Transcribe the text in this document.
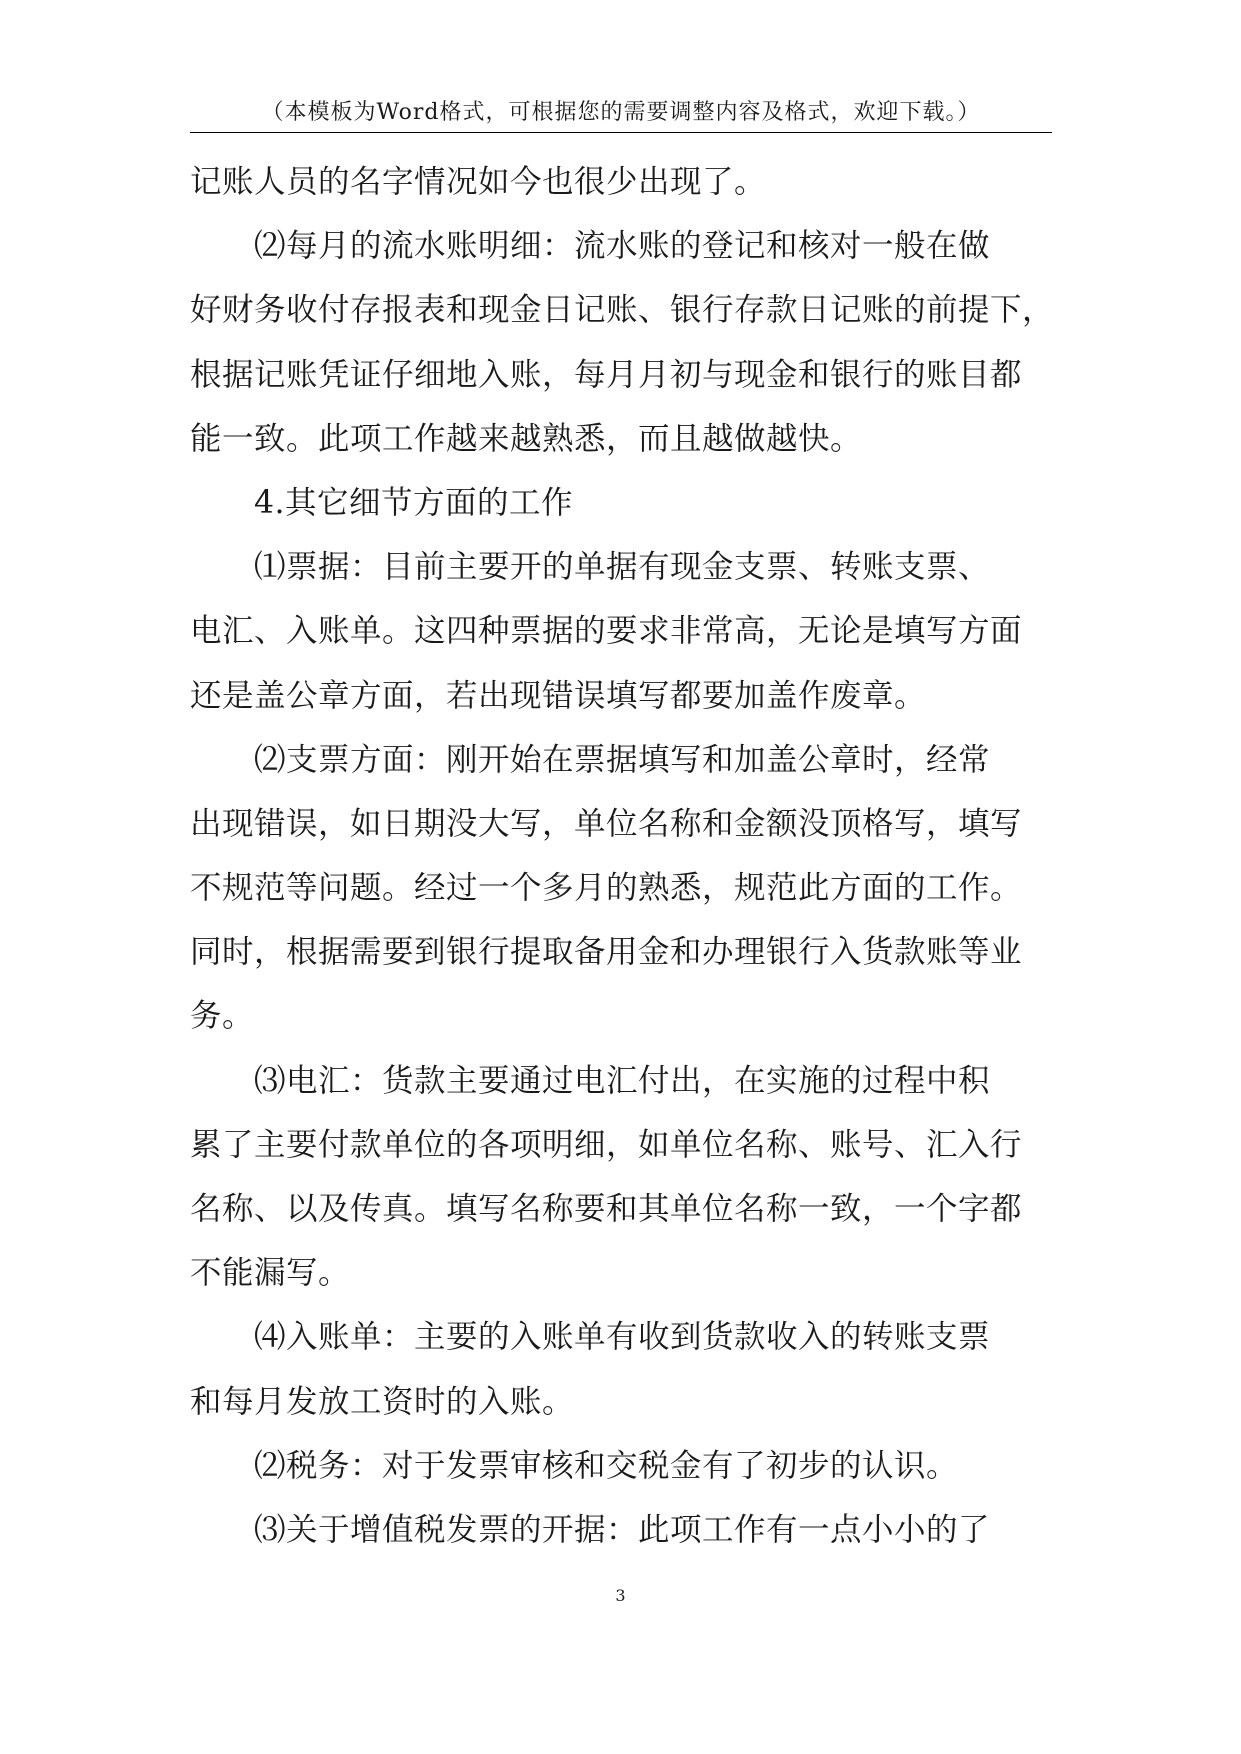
（本模板为Word格式，可根据您的需要调整内容及格式，欢迎下载。）
记账人员的名字情况如今也很少出现了。
⑵每月的流水账明细：流水账的登记和核对一般在做
好财务收付存报表和现金日记账、银行存款日记账的前提下，
根据记账凭证仔细地入账，每月月初与现金和银行的账目都
能一致。此项工作越来越熟悉，而且越做越快。
4.其它细节方面的工作
⑴票据：目前主要开的单据有现金支票、转账支票、
电汇、入账单。这四种票据的要求非常高，无论是填写方面
还是盖公章方面，若出现错误填写都要加盖作废章。
⑵支票方面：刚开始在票据填写和加盖公章时，经常
出现错误，如日期没大写，单位名称和金额没顶格写，填写
不规范等问题。经过一个多月的熟悉，规范此方面的工作。
同时，根据需要到银行提取备用金和办理银行入货款账等业
务。
⑶电汇：货款主要通过电汇付出，在实施的过程中积
累了主要付款单位的各项明细，如单位名称、账号、汇入行
名称、以及传真。填写名称要和其单位名称一致，一个字都
不能漏写。
⑷入账单：主要的入账单有收到货款收入的转账支票
和每月发放工资时的入账。
⑵税务：对于发票审核和交税金有了初步的认识。
⑶关于增值税发票的开据：此项工作有一点小小的了
3
